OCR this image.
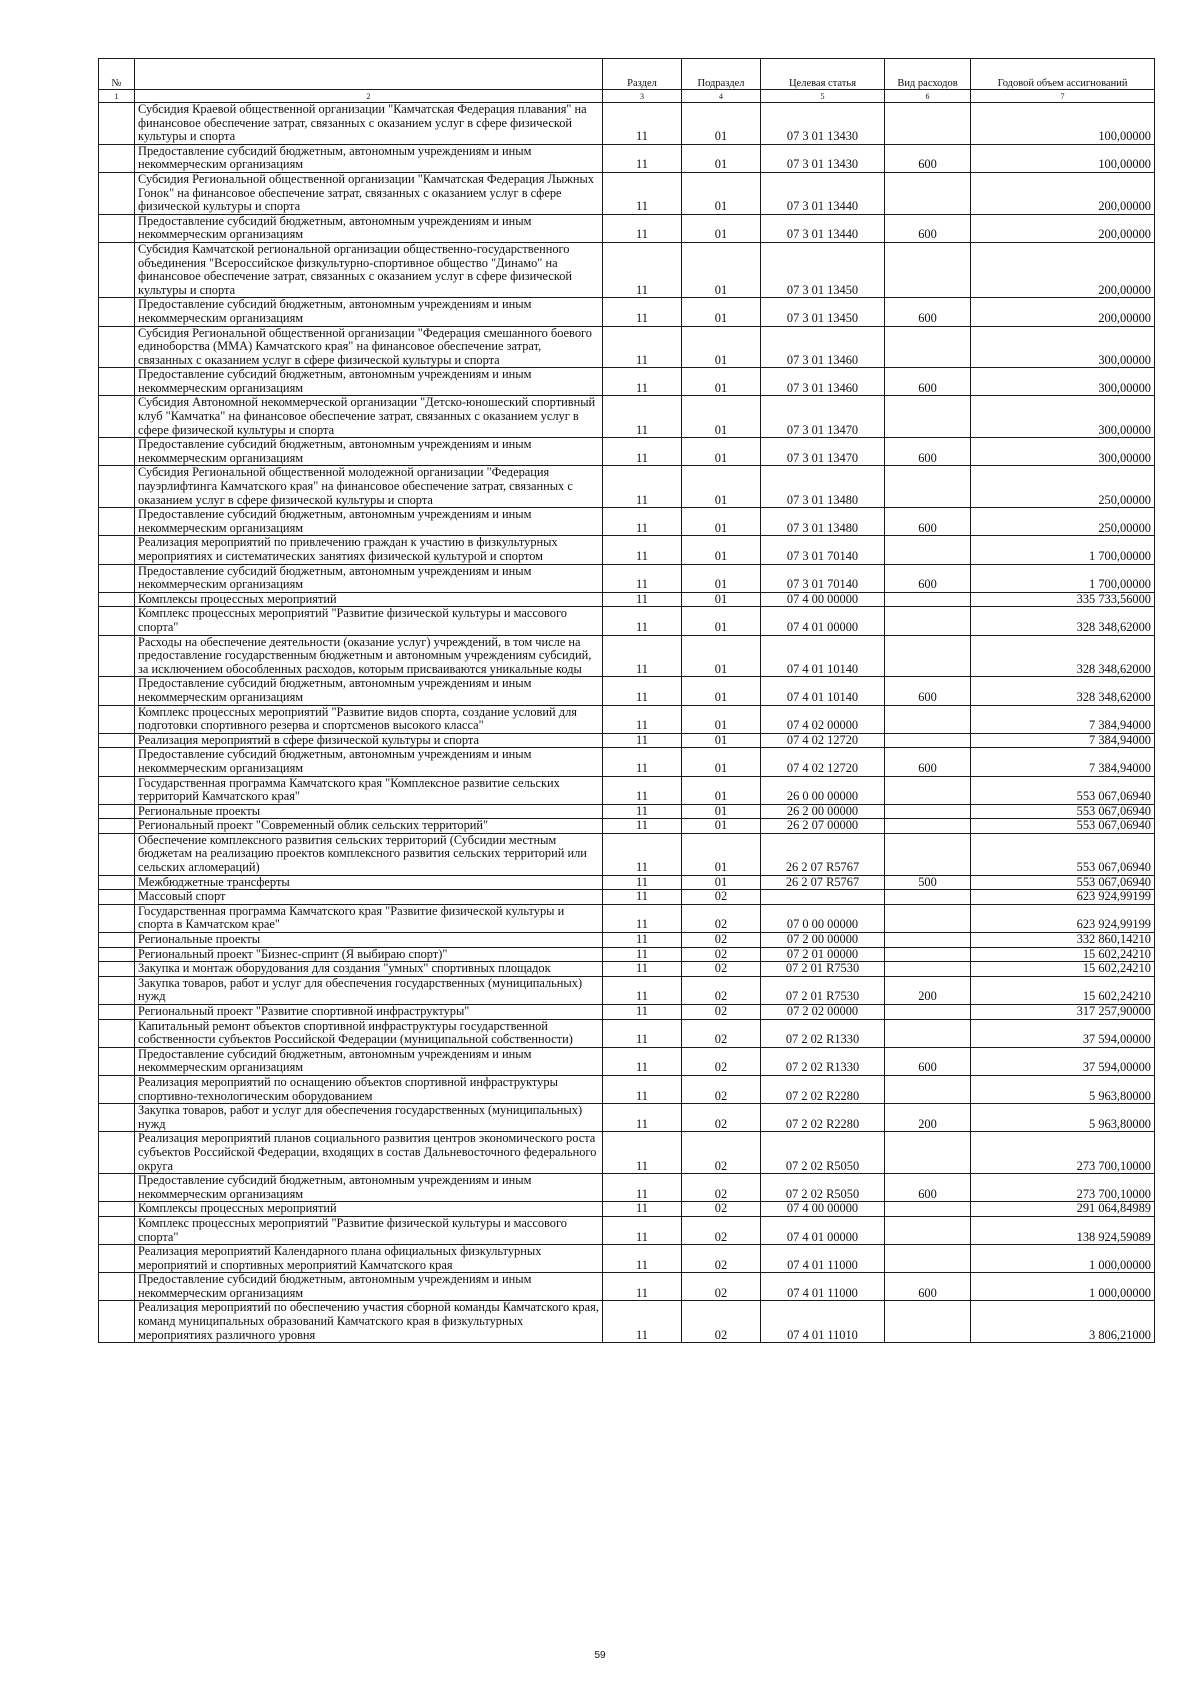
№		Раздел	Подраздел	Целевая статья	Вид расходов	Годовой объем ассигнований
1	2	3	4	5	6	7
	Субсидия Краевой общественной организации "Камчатская Федерация плавания" на финансовое обеспечение затрат, связанных с оказанием услуг в сфере физической культуры и спорта	11	01	07 3 01 13430		100,00000
	Предоставление субсидий бюджетным, автономным учреждениям и иным некоммерческим организациям	11	01	07 3 01 13430	600	100,00000
	Субсидия Региональной общественной организации "Камчатская Федерация Лыжных Гонок" на финансовое обеспечение затрат, связанных с оказанием услуг в сфере физической культуры и спорта	11	01	07 3 01 13440		200,00000
	Предоставление субсидий бюджетным, автономным учреждениям и иным некоммерческим организациям	11	01	07 3 01 13440	600	200,00000
	Субсидия Камчатской региональной организации общественно-государственного объединения "Всероссийское физкультурно-спортивное общество "Динамо" на финансовое обеспечение затрат, связанных с оказанием услуг в сфере физической культуры и спорта	11	01	07 3 01 13450		200,00000
	Предоставление субсидий бюджетным, автономным учреждениям и иным некоммерческим организациям	11	01	07 3 01 13450	600	200,00000
	Субсидия Региональной общественной организации "Федерация смешанного боевого единоборства (ММА) Камчатского края" на финансовое обеспечение затрат, связанных с оказанием услуг в сфере физической культуры и спорта	11	01	07 3 01 13460		300,00000
	Предоставление субсидий бюджетным, автономным учреждениям и иным некоммерческим организациям	11	01	07 3 01 13460	600	300,00000
	Субсидия Автономной некоммерческой организации "Детско-юношеский спортивный клуб "Камчатка" на финансовое обеспечение затрат, связанных с оказанием услуг в сфере физической культуры и спорта	11	01	07 3 01 13470		300,00000
	Предоставление субсидий бюджетным, автономным учреждениям и иным некоммерческим организациям	11	01	07 3 01 13470	600	300,00000
	Субсидия Региональной общественной молодежной организации "Федерация пауэрлифтинга Камчатского края" на финансовое обеспечение затрат, связанных с оказанием услуг в сфере физической культуры и спорта	11	01	07 3 01 13480		250,00000
	Предоставление субсидий бюджетным, автономным учреждениям и иным некоммерческим организациям	11	01	07 3 01 13480	600	250,00000
	Реализация мероприятий по привлечению граждан к участию в физкультурных мероприятиях и систематических занятиях физической культурой и спортом	11	01	07 3 01 70140		1 700,00000
	Предоставление субсидий бюджетным, автономным учреждениям и иным некоммерческим организациям	11	01	07 3 01 70140	600	1 700,00000
	Комплексы процессных мероприятий	11	01	07 4 00 00000		335 733,56000
	Комплекс процессных мероприятий "Развитие физической культуры и массового спорта"	11	01	07 4 01 00000		328 348,62000
	Расходы на обеспечение деятельности (оказание услуг) учреждений, в том числе на предоставление государственным бюджетным и автономным учреждениям субсидий, за исключением обособленных расходов, которым присваиваются уникальные коды	11	01	07 4 01 10140		328 348,62000
	Предоставление субсидий бюджетным, автономным учреждениям и иным некоммерческим организациям	11	01	07 4 01 10140	600	328 348,62000
	Комплекс процессных мероприятий "Развитие видов спорта, создание условий для подготовки спортивного резерва и спортсменов высокого класса"	11	01	07 4 02 00000		7 384,94000
	Реализация мероприятий в сфере физической культуры и спорта	11	01	07 4 02 12720		7 384,94000
	Предоставление субсидий бюджетным, автономным учреждениям и иным некоммерческим организациям	11	01	07 4 02 12720	600	7 384,94000
	Государственная программа Камчатского края "Комплексное развитие сельских территорий Камчатского края"	11	01	26 0 00 00000		553 067,06940
	Региональные проекты	11	01	26 2 00 00000		553 067,06940
	Региональный проект "Современный облик сельских территорий"	11	01	26 2 07 00000		553 067,06940
	Обеспечение комплексного развития сельских территорий (Субсидии местным бюджетам на реализацию проектов комплексного развития сельских территорий или сельских агломераций)	11	01	26 2 07 R5767		553 067,06940
	Межбюджетные трансферты	11	01	26 2 07 R5767	500	553 067,06940
	Массовый спорт	11	02			623 924,99199
	Государственная программа Камчатского края "Развитие физической культуры и спорта в Камчатском крае"	11	02	07 0 00 00000		623 924,99199
	Региональные проекты	11	02	07 2 00 00000		332 860,14210
	Региональный проект "Бизнес-спринт (Я выбираю спорт)"	11	02	07 2 01 00000		15 602,24210
	Закупка и монтаж оборудования для создания "умных" спортивных площадок	11	02	07 2 01 R7530		15 602,24210
	Закупка товаров, работ и услуг для обеспечения государственных (муниципальных) нужд	11	02	07 2 01 R7530	200	15 602,24210
	Региональный проект "Развитие спортивной инфраструктуры"	11	02	07 2 02 00000		317 257,90000
	Капитальный ремонт объектов спортивной инфраструктуры государственной собственности субъектов Российской Федерации (муниципальной собственности)	11	02	07 2 02 R1330		37 594,00000
	Предоставление субсидий бюджетным, автономным учреждениям и иным некоммерческим организациям	11	02	07 2 02 R1330	600	37 594,00000
	Реализация мероприятий по оснащению объектов спортивной инфраструктуры спортивно-технологическим оборудованием	11	02	07 2 02 R2280		5 963,80000
	Закупка товаров, работ и услуг для обеспечения государственных (муниципальных) нужд	11	02	07 2 02 R2280	200	5 963,80000
	Реализация мероприятий планов социального развития центров экономического роста субъектов Российской Федерации, входящих в состав Дальневосточного федерального округа	11	02	07 2 02 R5050		273 700,10000
	Предоставление субсидий бюджетным, автономным учреждениям и иным некоммерческим организациям	11	02	07 2 02 R5050	600	273 700,10000
	Комплексы процессных мероприятий	11	02	07 4 00 00000		291 064,84989
	Комплекс процессных мероприятий "Развитие физической культуры и массового спорта"	11	02	07 4 01 00000		138 924,59089
	Реализация мероприятий Календарного плана официальных физкультурных мероприятий и спортивных мероприятий Камчатского края	11	02	07 4 01 11000		1 000,00000
	Предоставление субсидий бюджетным, автономным учреждениям и иным некоммерческим организациям	11	02	07 4 01 11000	600	1 000,00000
	Реализация мероприятий по обеспечению участия сборной команды Камчатского края, команд муниципальных образований Камчатского края в физкультурных мероприятиях различного уровня	11	02	07 4 01 11010		3 806,21000
59
